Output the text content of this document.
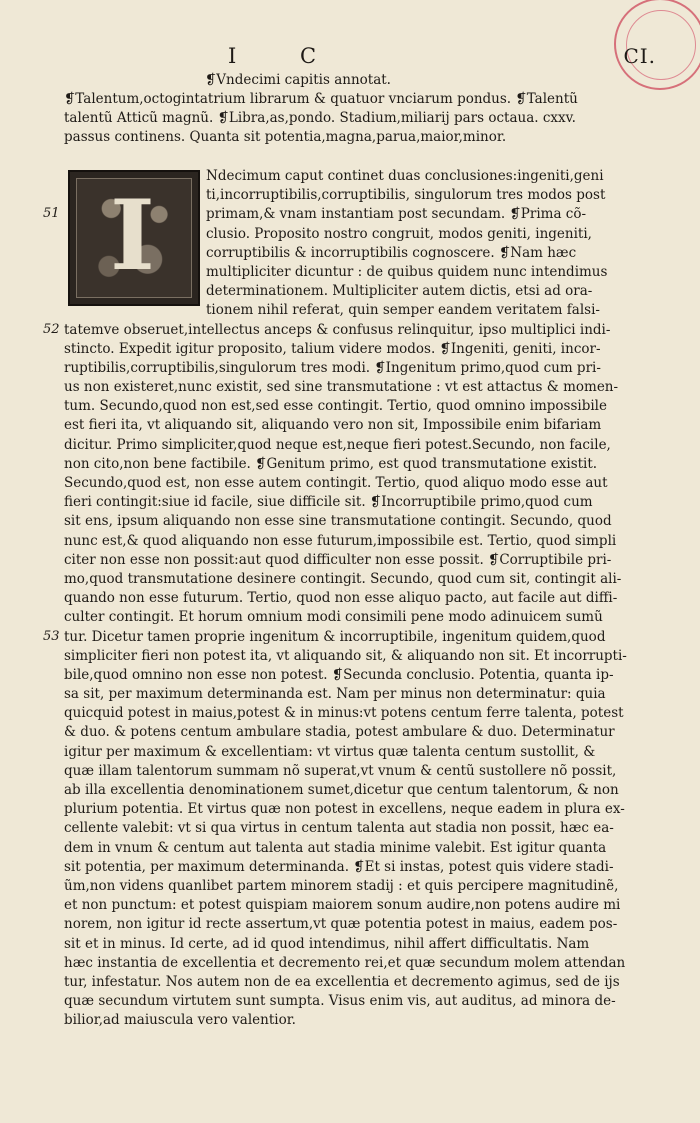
I	C	CI.
❡Vndecimi capitis annotat.
❡Talentum,octogintatrium librarum & quatuor vnciarum pondus. ❡Talentũ
talentũ Atticũ magnũ. ❡Libra,as,pondo. Stadium,miliarij pars octaua. cxxv.
passus continens. Quanta sit potentia,magna,parua,maior,minor.
I
51
52
53
Ndecimum caput continet duas conclusiones:ingeniti,geni
ti,incorruptibilis,corruptibilis, singulorum tres modos post
primam,& vnam instantiam post secundam. ❡Prima cõ-
clusio. Proposito nostro congruit, modos geniti, ingeniti,
corruptibilis & incorruptibilis cognoscere. ❡Nam hæc
multipliciter dicuntur : de quibus quidem nunc intendimus
determinationem. Multipliciter autem dictis, etsi ad ora-
tionem nihil referat, quin semper eandem veritatem falsi-
tatemve obseruet,intellectus anceps & confusus relinquitur, ipso multiplici indi-
stincto. Expedit igitur proposito, talium videre modos. ❡Ingeniti, geniti, incor-
ruptibilis,corruptibilis,singulorum tres modi. ❡Ingenitum primo,quod cum pri-
us non existeret,nunc existit, sed sine transmutatione : vt est attactus & momen-
tum. Secundo,quod non est,sed esse contingit. Tertio, quod omnino impossibile
est fieri ita, vt aliquando sit, aliquando vero non sit, Impossibile enim bifariam
dicitur. Primo simpliciter,quod neque est,neque fieri potest.Secundo, non facile,
non cito,non bene factibile. ❡Genitum primo, est quod transmutatione existit.
Secundo,quod est, non esse autem contingit. Tertio, quod aliquo modo esse aut
fieri contingit:siue id facile, siue difficile sit. ❡Incorruptibile primo,quod cum
sit ens, ipsum aliquando non esse sine transmutatione contingit. Secundo, quod
nunc est,& quod aliquando non esse futurum,impossibile est. Tertio, quod simpli
citer non esse non possit:aut quod difficulter non esse possit. ❡Corruptibile pri-
mo,quod transmutatione desinere contingit. Secundo, quod cum sit, contingit ali-
quando non esse futurum. Tertio, quod non esse aliquo pacto, aut facile aut diffi-
culter contingit. Et horum omnium modi consimili pene modo adinuicem sumũ
tur. Dicetur tamen proprie ingenitum & incorruptibile, ingenitum quidem,quod
simpliciter fieri non potest ita, vt aliquando sit, & aliquando non sit. Et incorrupti-
bile,quod omnino non esse non potest. ❡Secunda conclusio. Potentia, quanta ip-
sa sit, per maximum determinanda est. Nam per minus non determinatur: quia
quicquid potest in maius,potest & in minus:vt potens centum ferre talenta, potest
& duo. & potens centum ambulare stadia, potest ambulare & duo. Determinatur
igitur per maximum & excellentiam: vt virtus quæ talenta centum sustollit, &
quæ illam talentorum summam nõ superat,vt vnum & centũ sustollere nõ possit,
ab illa excellentia denominationem sumet,dicetur que centum talentorum, & non
plurium potentia. Et virtus quæ non potest in excellens, neque eadem in plura ex-
cellente valebit: vt si qua virtus in centum talenta aut stadia non possit, hæc ea-
dem in vnum & centum aut talenta aut stadia minime valebit. Est igitur quanta
sit potentia, per maximum determinanda. ❡Et si instas, potest quis videre stadi-
ũm,non videns quanlibet partem minorem stadij : et quis percipere magnitudinẽ,
et non punctum: et potest quispiam maiorem sonum audire,non potens audire mi
norem, non igitur id recte assertum,vt quæ potentia potest in maius, eadem pos-
sit et in minus. Id certe, ad id quod intendimus, nihil affert difficultatis. Nam
hæc instantia de excellentia et decremento rei,et quæ secundum molem attendan
tur, infestatur. Nos autem non de ea excellentia et decremento agimus, sed de ijs
quæ secundum virtutem sunt sumpta. Visus enim vis, aut auditus, ad minora de-
bilior,ad maiuscula vero valentior.
